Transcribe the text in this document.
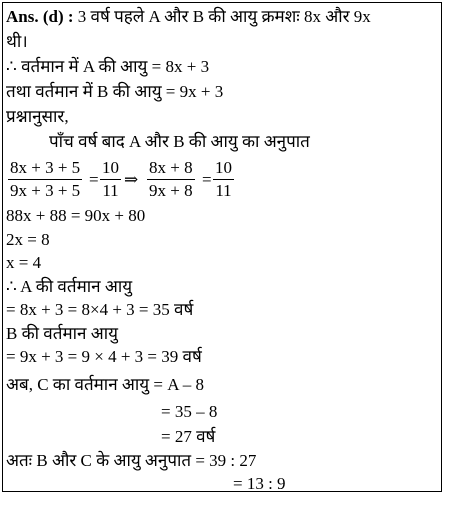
Ans. (d) : 3 वर्ष पहले A और B की आयु क्रमशः 8x और 9x
थी।
∴ वर्तमान में A की आयु = 8x + 3
तथा वर्तमान में B की आयु = 9x + 3
प्रश्नानुसार,
पाँच वर्ष बाद A और B की आयु का अनुपात
$\frac{8x + 3 + 5}{9x + 3 + 5} = \frac{10}{11}$ ⇒ $\frac{8x + 8}{9x + 8} = \frac{10}{11}$
88x + 88 = 90x + 80
2x = 8
x = 4
∴ A की वर्तमान आयु
= 8x + 3 = 8×4 + 3 = 35 वर्ष
B की वर्तमान आयु
= 9x + 3 = 9 × 4 + 3 = 39 वर्ष
अब, C का वर्तमान आयु = A – 8
= 35 – 8
= 27 वर्ष
अतः B और C के आयु अनुपात = 39 : 27
= 13 : 9
